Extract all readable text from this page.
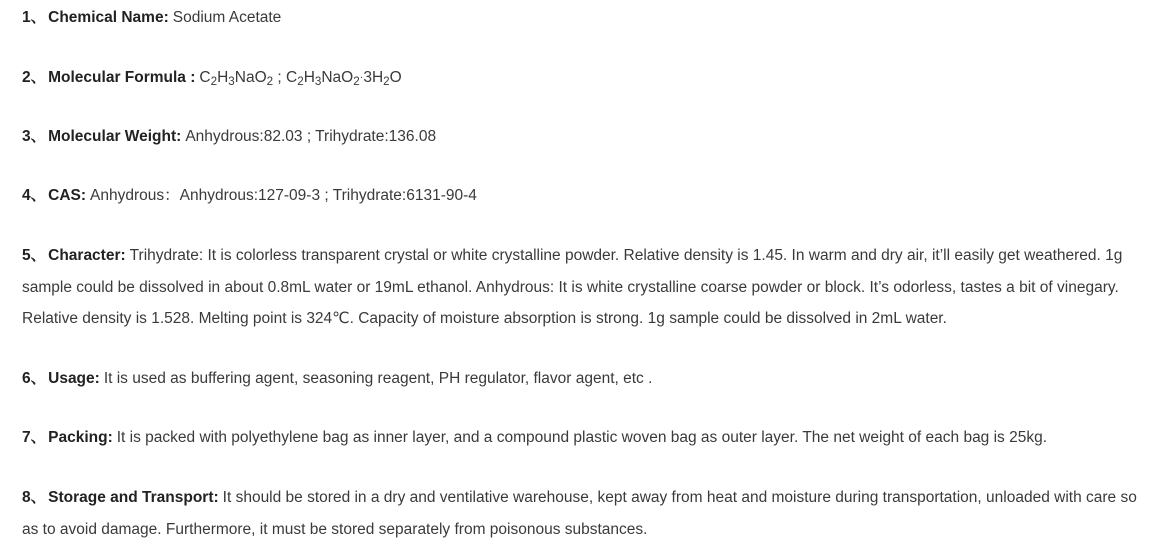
1、 Chemical Name: Sodium Acetate

2、 Molecular Formula : $C_2H_3NaO_2$ ; $C_2H_3NaO_2\cdot 3H_2O$

3、 Molecular Weight: Anhydrous:82.03 ; Trihydrate:136.08

4、 CAS: Anhydrous：Anhydrous:127-09-3 ; Trihydrate:6131-90-4

5、 Character: Trihydrate: It is colorless transparent crystal or white crystalline powder. Relative density is 1.45. In warm and dry air, it’ll easily get weathered. 1g sample could be dissolved in about 0.8mL water or 19mL ethanol. Anhydrous: It is white crystalline coarse powder or block. It’s odorless, tastes a bit of vinegary. Relative density is 1.528. Melting point is 324℃. Capacity of moisture absorption is strong. 1g sample could be dissolved in 2mL water.

6、 Usage: It is used as buffering agent, seasoning reagent, PH regulator, flavor agent, etc .

7、 Packing: It is packed with polyethylene bag as inner layer, and a compound plastic woven bag as outer layer. The net weight of each bag is 25kg.

8、 Storage and Transport: It should be stored in a dry and ventilative warehouse, kept away from heat and moisture during transportation, unloaded with care so as to avoid damage. Furthermore, it must be stored separately from poisonous substances.
